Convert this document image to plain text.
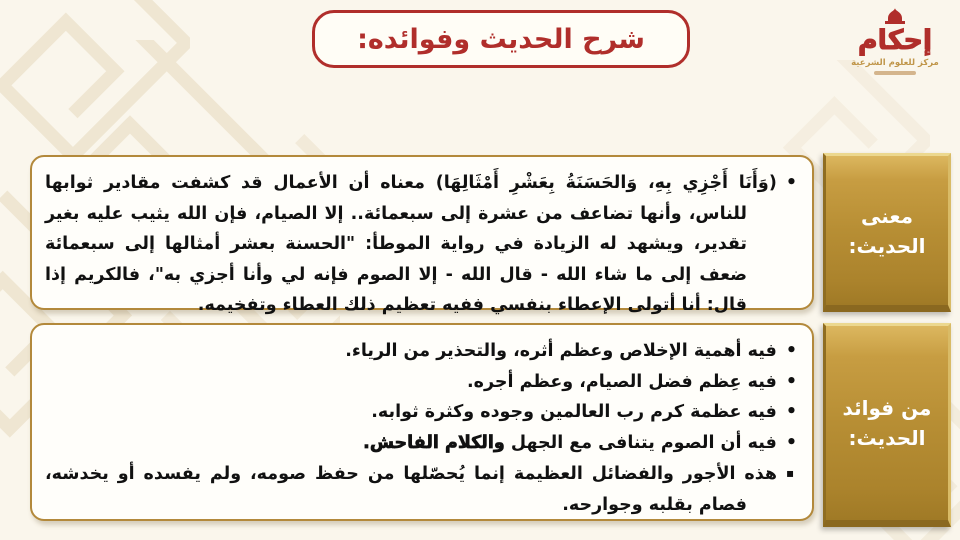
شرح الحديث وفوائده:	إحكام
مركز للعلوم الشرعية

•(وَأَنَا أَجْزِي بِهِ، وَالحَسَنَةُ بِعَشْرِ أَمْثَالِهَا) معناه أن الأعمال قد كشفت مقادير ثوابها للناس، وأنها تضاعف من عشرة إلى سبعمائة.. إلا الصيام، فإن الله يثيب عليه بغير تقدير، ويشهد له الزيادة في رواية الموطأ: "الحسنة بعشر أمثالها إلى سبعمائة ضعف إلى ما شاء الله - قال الله - إلا الصوم فإنه لي وأنا أجزي به"، فالكريم إذا قال: أنا أتولى الإعطاء بنفسي ففيه تعظيم ذلك العطاء وتفخيمه.

معنى الحديث:

•فيه أهمية الإخلاص وعظم أثره، والتحذير من الرياء.

•فيه عِظم فضل الصيام، وعظم أجره.

•فيه عظمة كرم رب العالمين وجوده وكثرة ثوابه.

•فيه أن الصوم يتنافى مع الجهل والكلام الفاحش.

▪هذه الأجور والفضائل العظيمة إنما يُحصّلها من حفظ صومه، ولم يفسده أو يخدشه، فصام بقلبه وجوارحه.

من فوائد الحديث:
